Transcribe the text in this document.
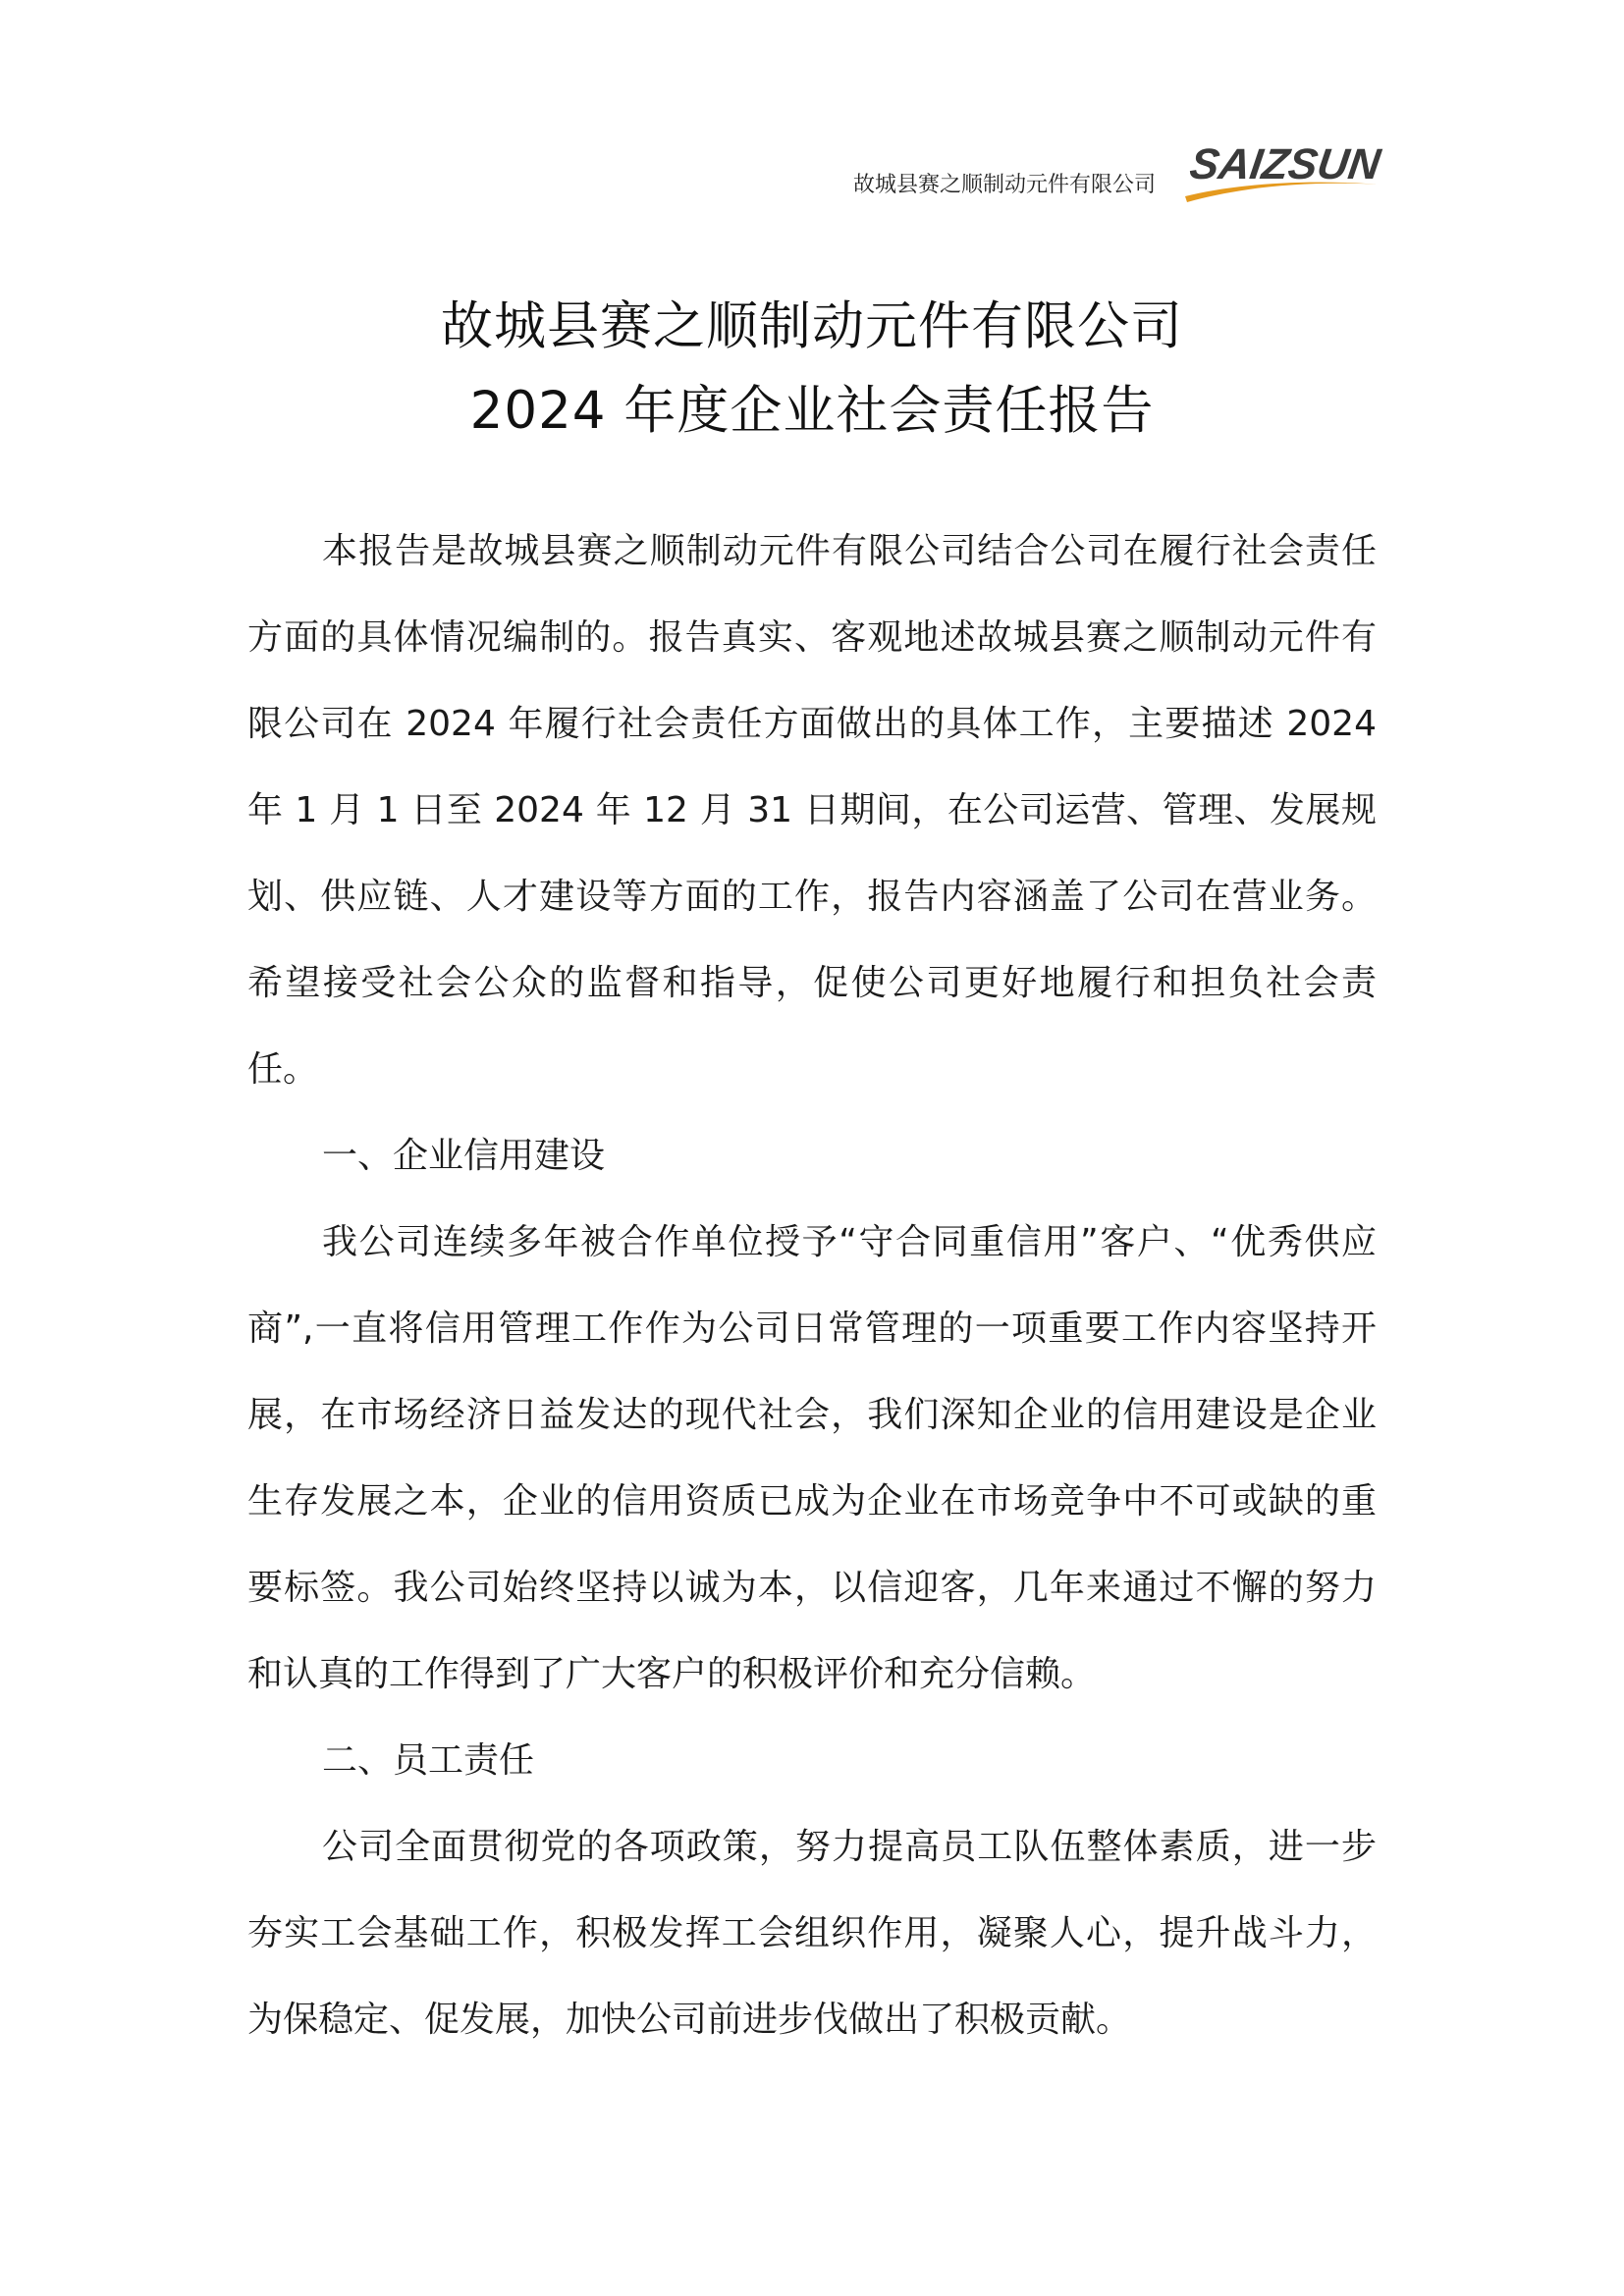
故城县赛之顺制动元件有限公司 SAIZSUN
故城县赛之顺制动元件有限公司
2024 年度企业社会责任报告

本报告是故城县赛之顺制动元件有限公司结合公司在履行社会责任方面的具体情况编制的。报告真实、客观地述故城县赛之顺制动元件有限公司在 2024 年履行社会责任方面做出的具体工作，主要描述 2024 年 1 月 1 日至 2024 年 12 月 31 日期间，在公司运营、管理、发展规划、供应链、人才建设等方面的工作，报告内容涵盖了公司在营业务。希望接受社会公众的监督和指导，促使公司更好地履行和担负社会责任。

一、企业信用建设

我公司连续多年被合作单位授予“守合同重信用”客户、“优秀供应商”,一直将信用管理工作作为公司日常管理的一项重要工作内容坚持开展，在市场经济日益发达的现代社会，我们深知企业的信用建设是企业生存发展之本，企业的信用资质已成为企业在市场竞争中不可或缺的重要标签。我公司始终坚持以诚为本，以信迎客，几年来通过不懈的努力和认真的工作得到了广大客户的积极评价和充分信赖。

二、员工责任

公司全面贯彻党的各项政策，努力提高员工队伍整体素质，进一步夯实工会基础工作，积极发挥工会组织作用，凝聚人心，提升战斗力，为保稳定、促发展，加快公司前进步伐做出了积极贡献。
